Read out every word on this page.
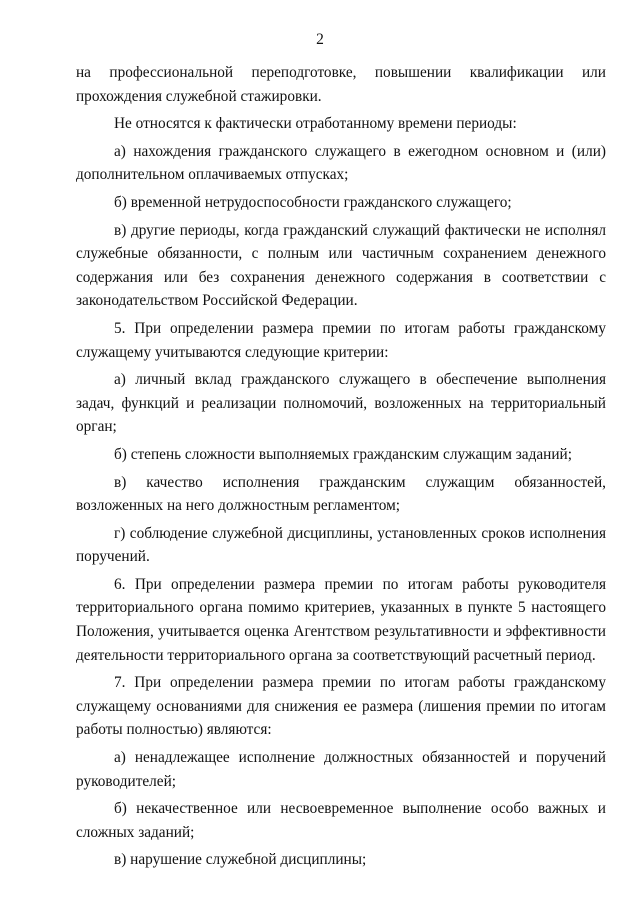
2

на профессиональной переподготовке, повышении квалификации или прохождения служебной стажировки.

Не относятся к фактически отработанному времени периоды:

а) нахождения гражданского служащего в ежегодном основном и (или) дополнительном оплачиваемых отпусках;

б) временной нетрудоспособности гражданского служащего;

в) другие периоды, когда гражданский служащий фактически не исполнял служебные обязанности, с полным или частичным сохранением денежного содержания или без сохранения денежного содержания в соответствии с законодательством Российской Федерации.

5. При определении размера премии по итогам работы гражданскому служащему учитываются следующие критерии:

а) личный вклад гражданского служащего в обеспечение выполнения задач, функций и реализации полномочий, возложенных на территориальный орган;

б) степень сложности выполняемых гражданским служащим заданий;

в) качество исполнения гражданским служащим обязанностей, возложенных на него должностным регламентом;

г) соблюдение служебной дисциплины, установленных сроков исполнения поручений.

6. При определении размера премии по итогам работы руководителя территориального органа помимо критериев, указанных в пункте 5 настоящего Положения, учитывается оценка Агентством результативности и эффективности деятельности территориального органа за соответствующий расчетный период.

7. При определении размера премии по итогам работы гражданскому служащему основаниями для снижения ее размера (лишения премии по итогам работы полностью) являются:

а) ненадлежащее исполнение должностных обязанностей и поручений руководителей;

б) некачественное или несвоевременное выполнение особо важных и сложных заданий;

в) нарушение служебной дисциплины;
